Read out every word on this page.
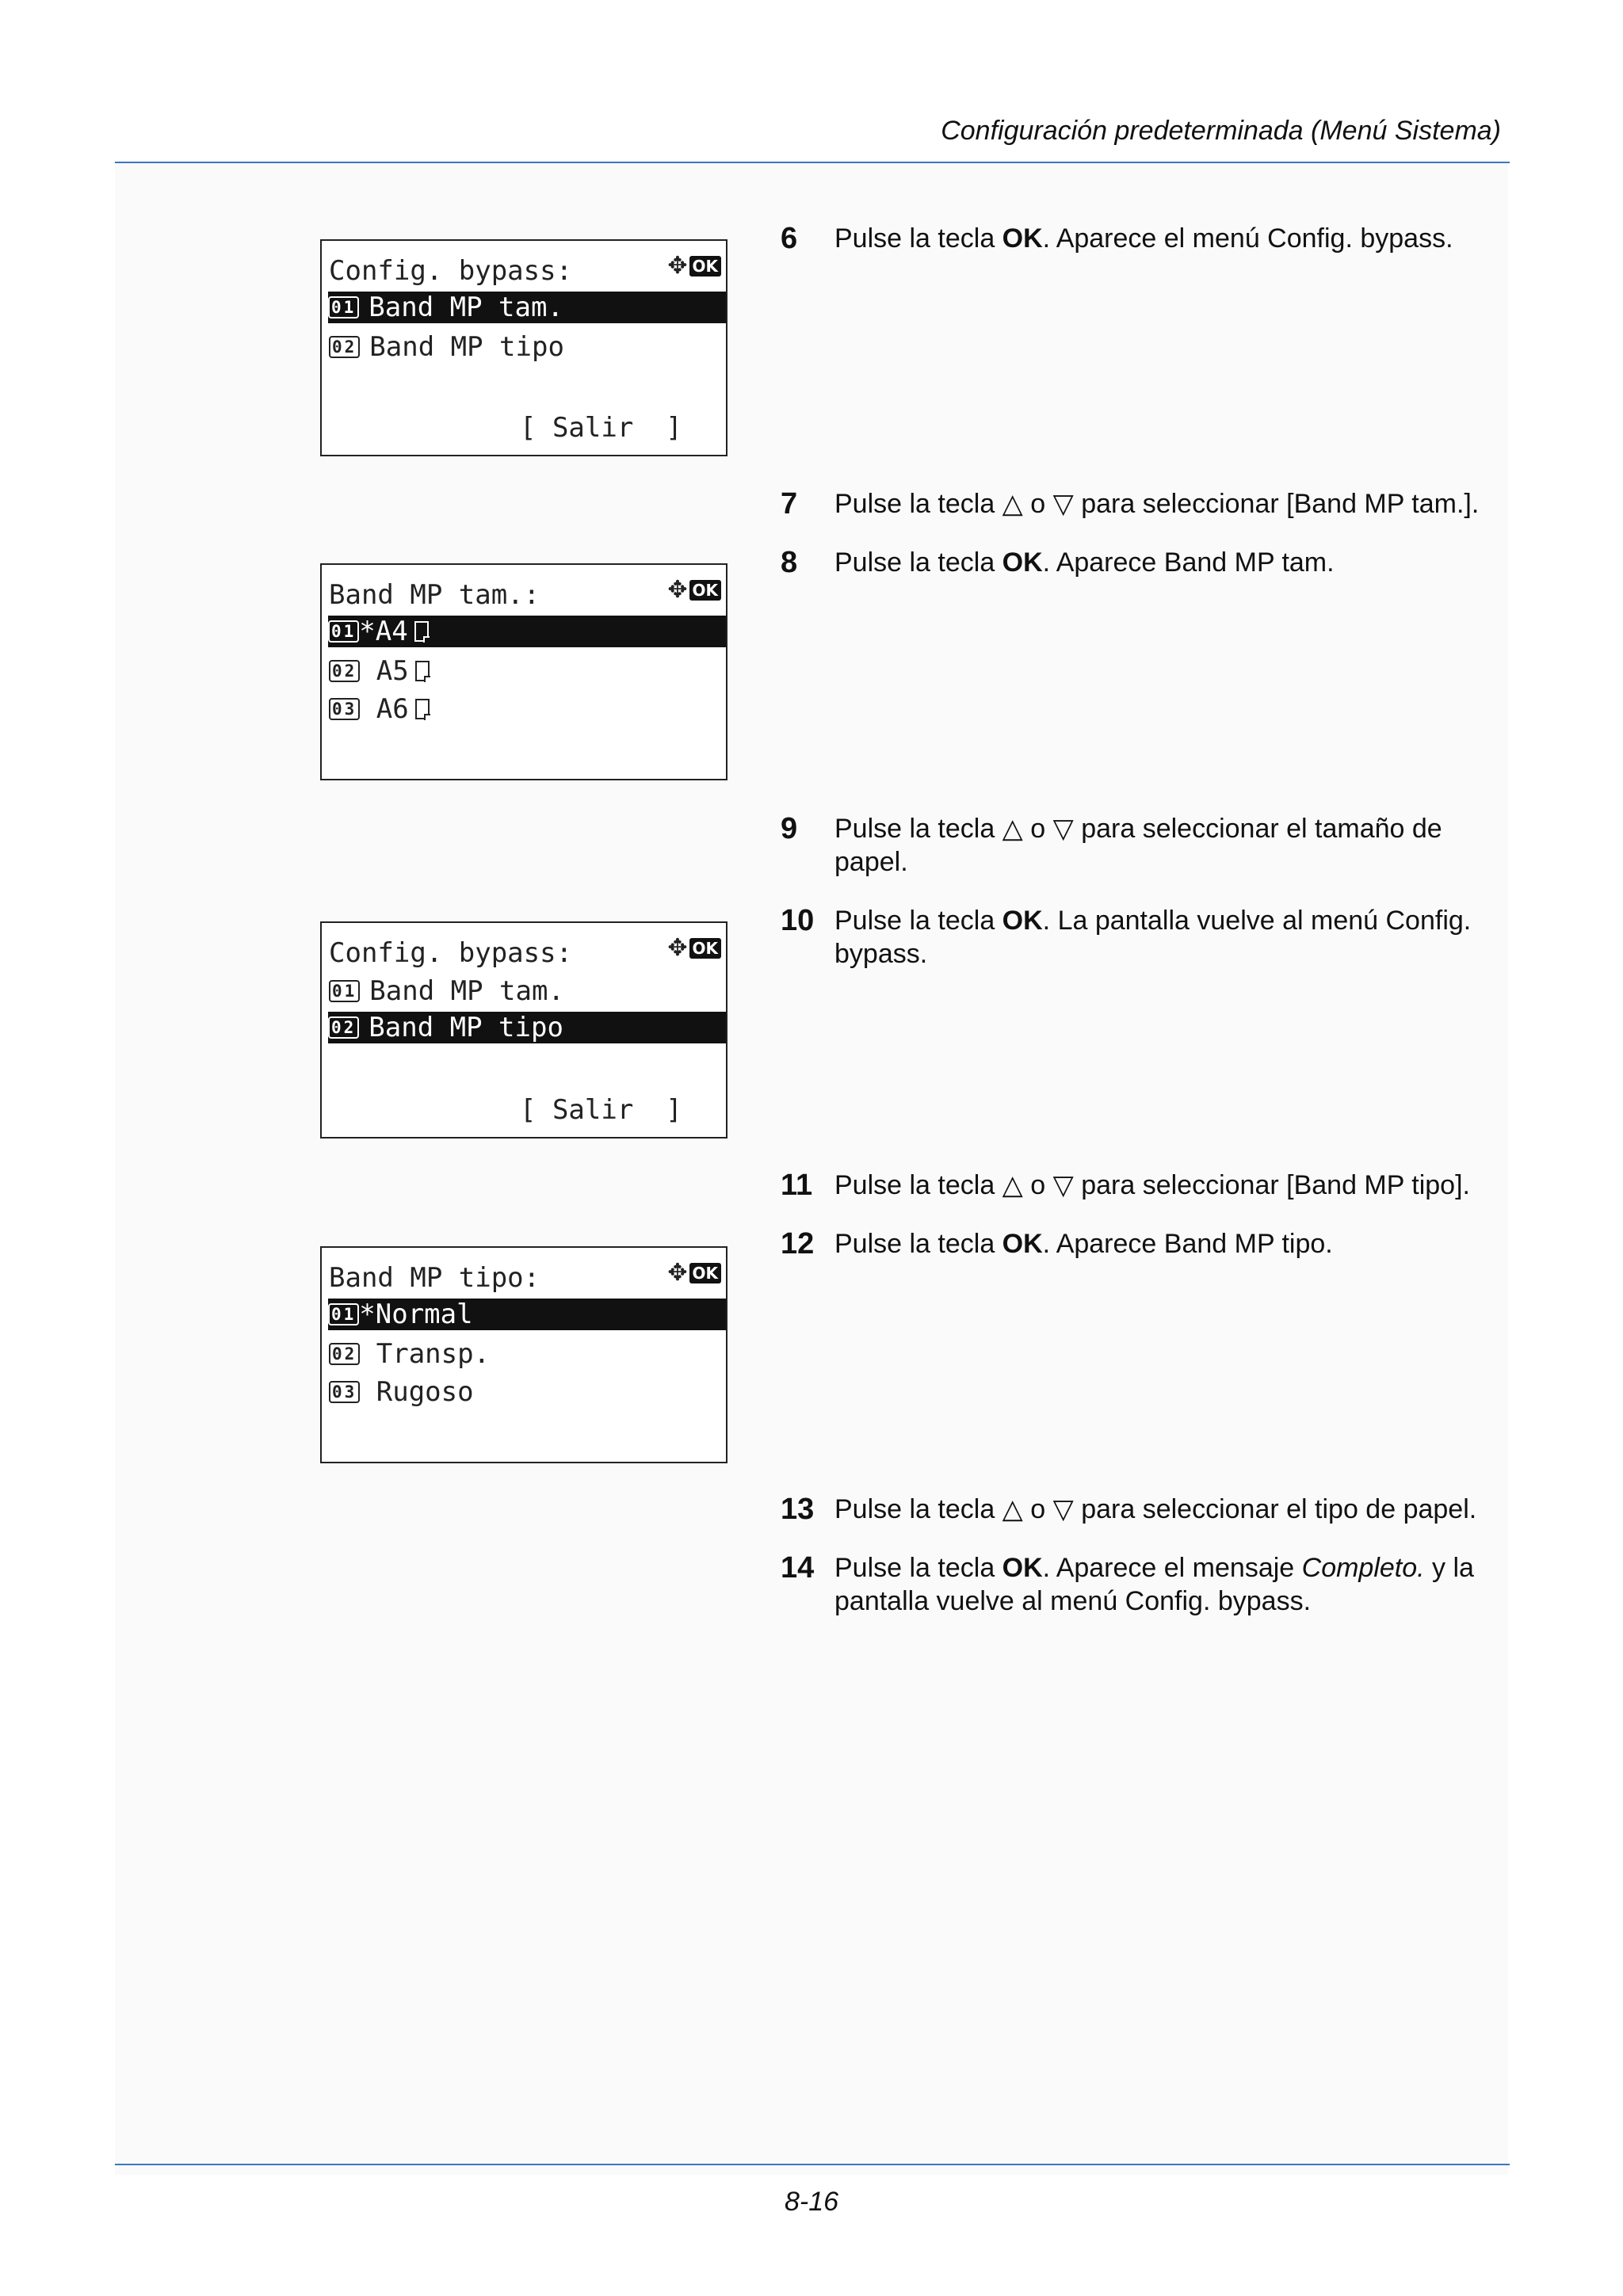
Configuración predeterminada (Menú Sistema)
Config. bypass:	✥ OK
01 Band MP tam.
02 Band MP tipo
[ Salir  ]
Band MP tam.:	✥ OK
01 *A4
02 A5
03 A6
Config. bypass:	✥ OK
01 Band MP tam.
02 Band MP tipo
[ Salir  ]
Band MP tipo:	✥ OK
01 *Normal
02 Transp.
03 Rugoso
6 Pulse la tecla OK. Aparece el menú Config. bypass.
7 Pulse la tecla △ o ▽ para seleccionar [Band MP tam.].
8 Pulse la tecla OK. Aparece Band MP tam.
9 Pulse la tecla △ o ▽ para seleccionar el tamaño de papel.
10 Pulse la tecla OK. La pantalla vuelve al menú Config. bypass.
11 Pulse la tecla △ o ▽ para seleccionar [Band MP tipo].
12 Pulse la tecla OK. Aparece Band MP tipo.
13 Pulse la tecla △ o ▽ para seleccionar el tipo de papel.
14 Pulse la tecla OK. Aparece el mensaje Completo. y la pantalla vuelve al menú Config. bypass.
8-16
